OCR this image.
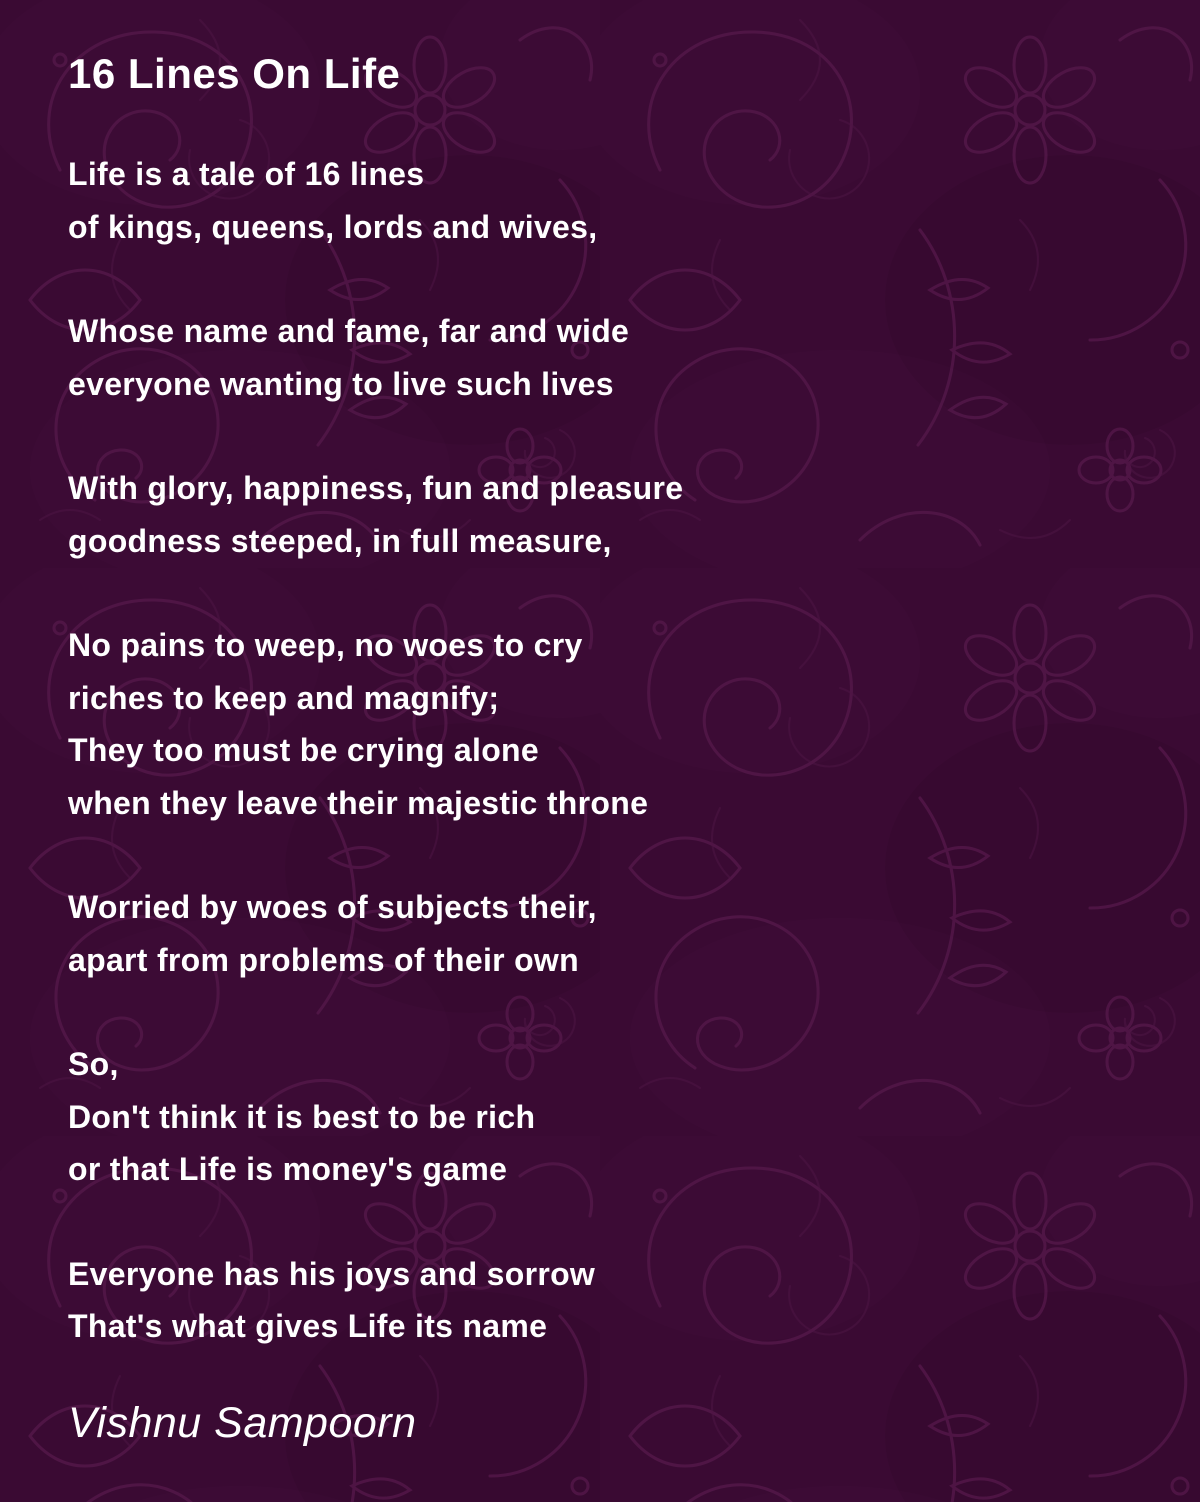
16 Lines On Life
Life is a tale of 16 lines
of kings, queens, lords and wives,
Whose name and fame, far and wide
everyone wanting to live such lives
With glory, happiness, fun and pleasure
goodness steeped, in full measure,
No pains to weep, no woes to cry
riches to keep and magnify;
They too must be crying alone
when they leave their majestic throne
Worried by woes of subjects their,
apart from problems of their own
So,
Don't think it is best to be rich
or that Life is money's game
Everyone has his joys and sorrow
That's what gives Life its name
Vishnu Sampoorn
